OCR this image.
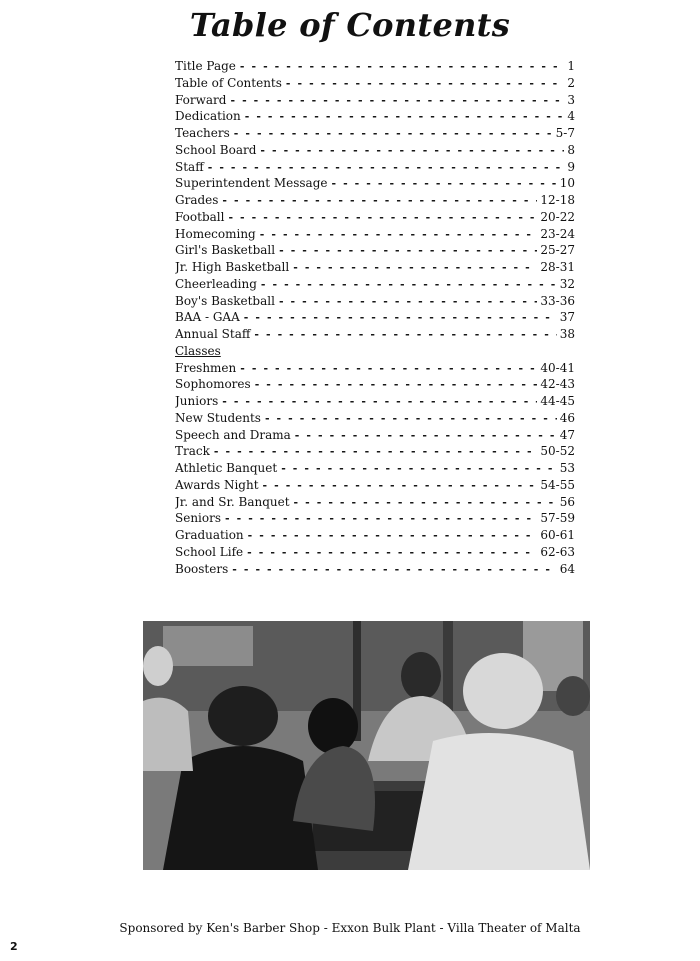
Table of Contents
Title Page - - -	1
Table of Contents - - -	2
Forward - - -	3
Dedication - - -	4
Teachers - - -	5-7
School Board - - -	8
Staff - - -	9
Superintendent Message - - -	10
Grades - - -	12-18
Football - - -	20-22
Homecoming - - -	23-24
Girl's Basketball - - -	25-27
Jr. High Basketball - - -	28-31
Cheerleading - - -	32
Boy's Basketball - - -	33-36
BAA - GAA - - -	37
Annual Staff - - -	38
Classes
Freshmen - - -	40-41
Sophomores - - -	42-43
Juniors - - -	44-45
New Students - - -	46
Speech and Drama - - -	47
Track - - -	50-52
Athletic Banquet - - -	53
Awards Night - - -	54-55
Jr. and Sr. Banquet - - -	56
Seniors - - -	57-59
Graduation - - -	60-61
School Life - - -	62-63
Boosters - - -	64
Sponsored by Ken's Barber Shop - Exxon Bulk Plant - Villa Theater of Malta
2
